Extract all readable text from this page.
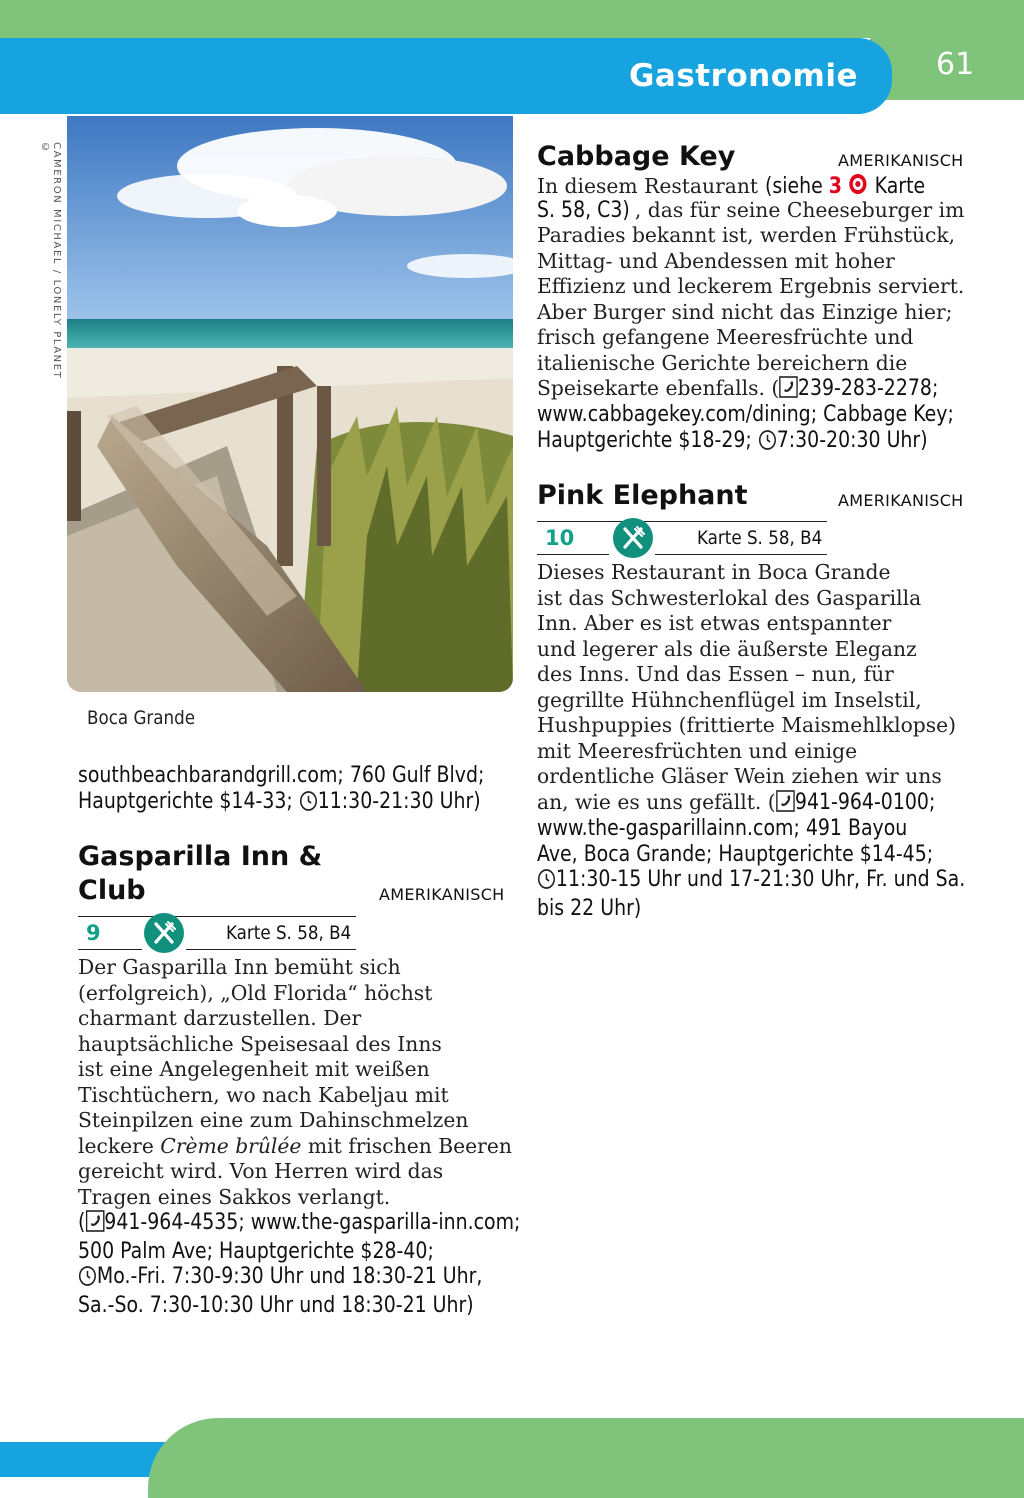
Gastronomie	61
CAMERON MICHAEL / LONELY PLANET ©
Boca Grande
southbeachbarandgrill.com; 760 Gulf Blvd;
Hauptgerichte $14-33; 11:30-21:30 Uhr)
Gasparilla Inn &
Club	AMERIKANISCH
9	Karte S. 58, B4
Der Gasparilla Inn bemüht sich
(erfolgreich), „Old Florida“ höchst
charmant darzustellen. Der
hauptsächliche Speisesaal des Inns
ist eine Angelegenheit mit weißen
Tischtüchern, wo nach Kabeljau mit
Steinpilzen eine zum Dahinschmelzen
leckere Crème brûlée mit frischen Beeren
gereicht wird. Von Herren wird das
Tragen eines Sakkos verlangt.
( 941-964-4535; www.the-gasparilla-inn.com;
500 Palm Ave; Hauptgerichte $28-40;
Mo.-Fri. 7:30-9:30 Uhr und 18:30-21 Uhr,
Sa.-So. 7:30-10:30 Uhr und 18:30-21 Uhr)
Cabbage Key	AMERIKANISCH
In diesem Restaurant (siehe 3  Karte
S. 58, C3) , das für seine Cheeseburger im
Paradies bekannt ist, werden Frühstück,
Mittag- und Abendessen mit hoher
Effizienz und leckerem Ergebnis serviert.
Aber Burger sind nicht das Einzige hier;
frisch gefangene Meeresfrüchte und
italienische Gerichte bereichern die
Speisekarte ebenfalls. ( 239-283-2278;
www.cabbagekey.com/dining; Cabbage Key;
Hauptgerichte $18-29; 7:30-20:30 Uhr)
Pink Elephant	AMERIKANISCH
10	Karte S. 58, B4
Dieses Restaurant in Boca Grande
ist das Schwesterlokal des Gasparilla
Inn. Aber es ist etwas entspannter
und legerer als die äußerste Eleganz
des Inns. Und das Essen – nun, für
gegrillte Hühnchenflügel im Inselstil,
Hushpuppies (frittierte Maismehlklopse)
mit Meeresfrüchten und einige
ordentliche Gläser Wein ziehen wir uns
an, wie es uns gefällt. ( 941-964-0100;
www.the-gasparillainn.com; 491 Bayou
Ave, Boca Grande; Hauptgerichte $14-45;
11:30-15 Uhr und 17-21:30 Uhr, Fr. und Sa.
bis 22 Uhr)
